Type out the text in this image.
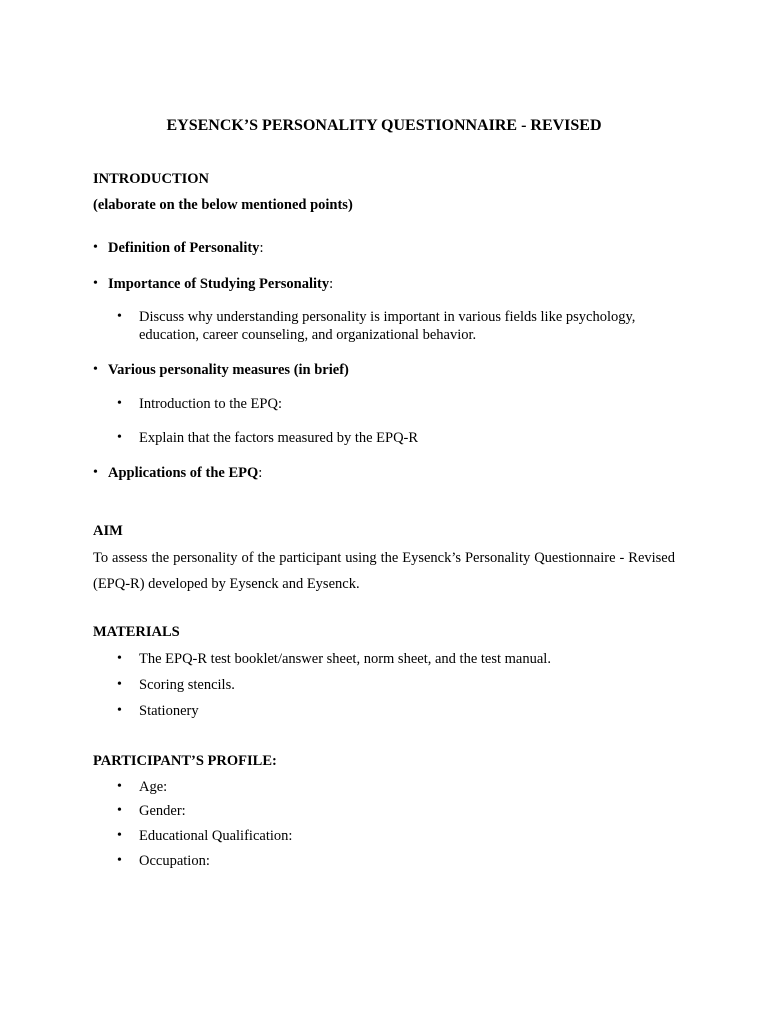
EYSENCK’S PERSONALITY QUESTIONNAIRE - REVISED
INTRODUCTION
(elaborate on the below mentioned points)
• Definition of Personality:
• Importance of Studying Personality:
• Discuss why understanding personality is important in various fields like psychology, education, career counseling, and organizational behavior.
• Various personality measures (in brief)
• Introduction to the EPQ:
• Explain that the factors measured by the EPQ-R
• Applications of the EPQ:
AIM
To assess the personality of the participant using the Eysenck’s Personality Questionnaire - Revised (EPQ-R) developed by Eysenck and Eysenck.
MATERIALS
• The EPQ-R test booklet/answer sheet, norm sheet, and the test manual.
• Scoring stencils.
• Stationery
PARTICIPANT’S PROFILE:
• Age:
• Gender:
• Educational Qualification:
• Occupation:
